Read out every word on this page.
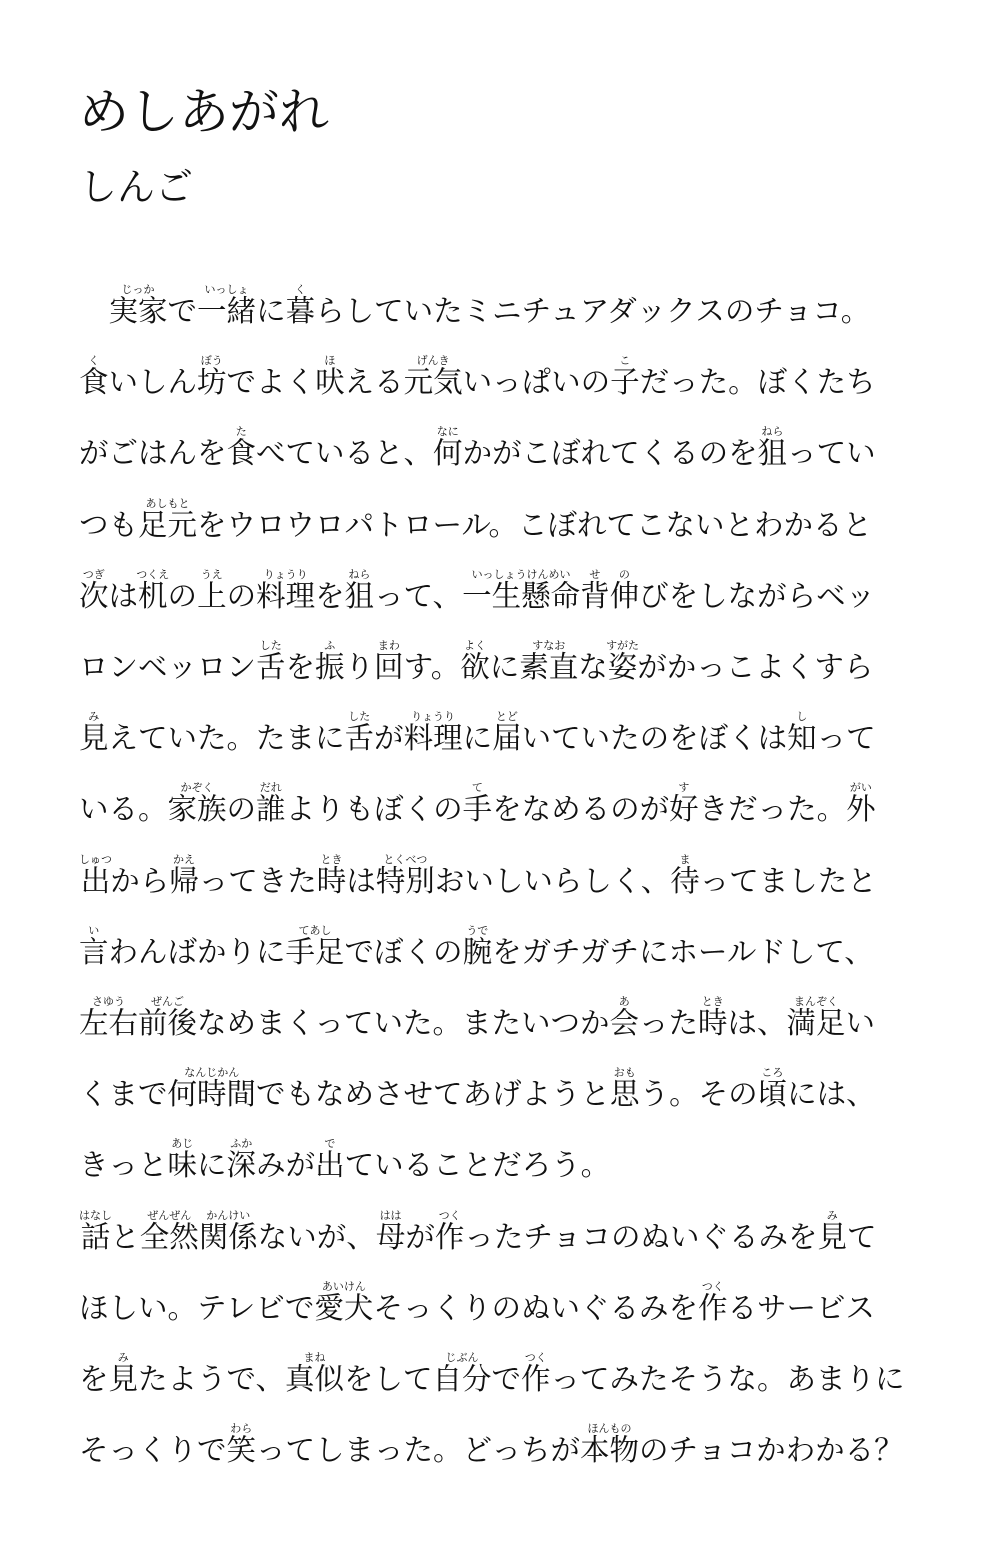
めしあがれ
しんご
　実家じっかで一緒いっしょに暮くらしていたミニチュアダックスのチョコ。
食くいしん坊ぼうでよく吠ほえる元気げんきいっぱいの子こだった。ぼくたち
がごはんを食たべていると、何なにかがこぼれてくるのを狙ねらってい
つも足元あしもとをウロウロパトロール。こぼれてこないとわかると
次つぎは机つくえの上うえの料理りょうりを狙ねらって、一生懸命いっしょうけんめい背せ伸のびをしながらベッ
ロンベッロン舌したを振ふり回まわす。欲よくに素直すなおな姿すがたがかっこよくすら
見みえていた。たまに舌したが料理りょうりに届とどいていたのをぼくは知しって
いる。家族かぞくの誰だれよりもぼくの手てをなめるのが好すきだった。外がい
出しゅつから帰かえってきた時ときは特別とくべつおいしいらしく、待まってましたと
言いわんばかりに手足てあしでぼくの腕うでをガチガチにホールドして、
左右さゆう前後ぜんごなめまくっていた。またいつか会あった時ときは、満足まんぞくい
くまで何時間なんじかんでもなめさせてあげようと思おもう。その頃ころには、
きっと味あじに深ふかみが出でていることだろう。
話はなしと全然ぜんぜん関係かんけいないが、母ははが作つくったチョコのぬいぐるみを見みて
ほしい。テレビで愛犬あいけんそっくりのぬいぐるみを作つくるサービス
を見みたようで、真似まねをして自分じぶんで作つくってみたそうな。あまりに
そっくりで笑わらってしまった。どっちが本物ほんもののチョコかわかる？
